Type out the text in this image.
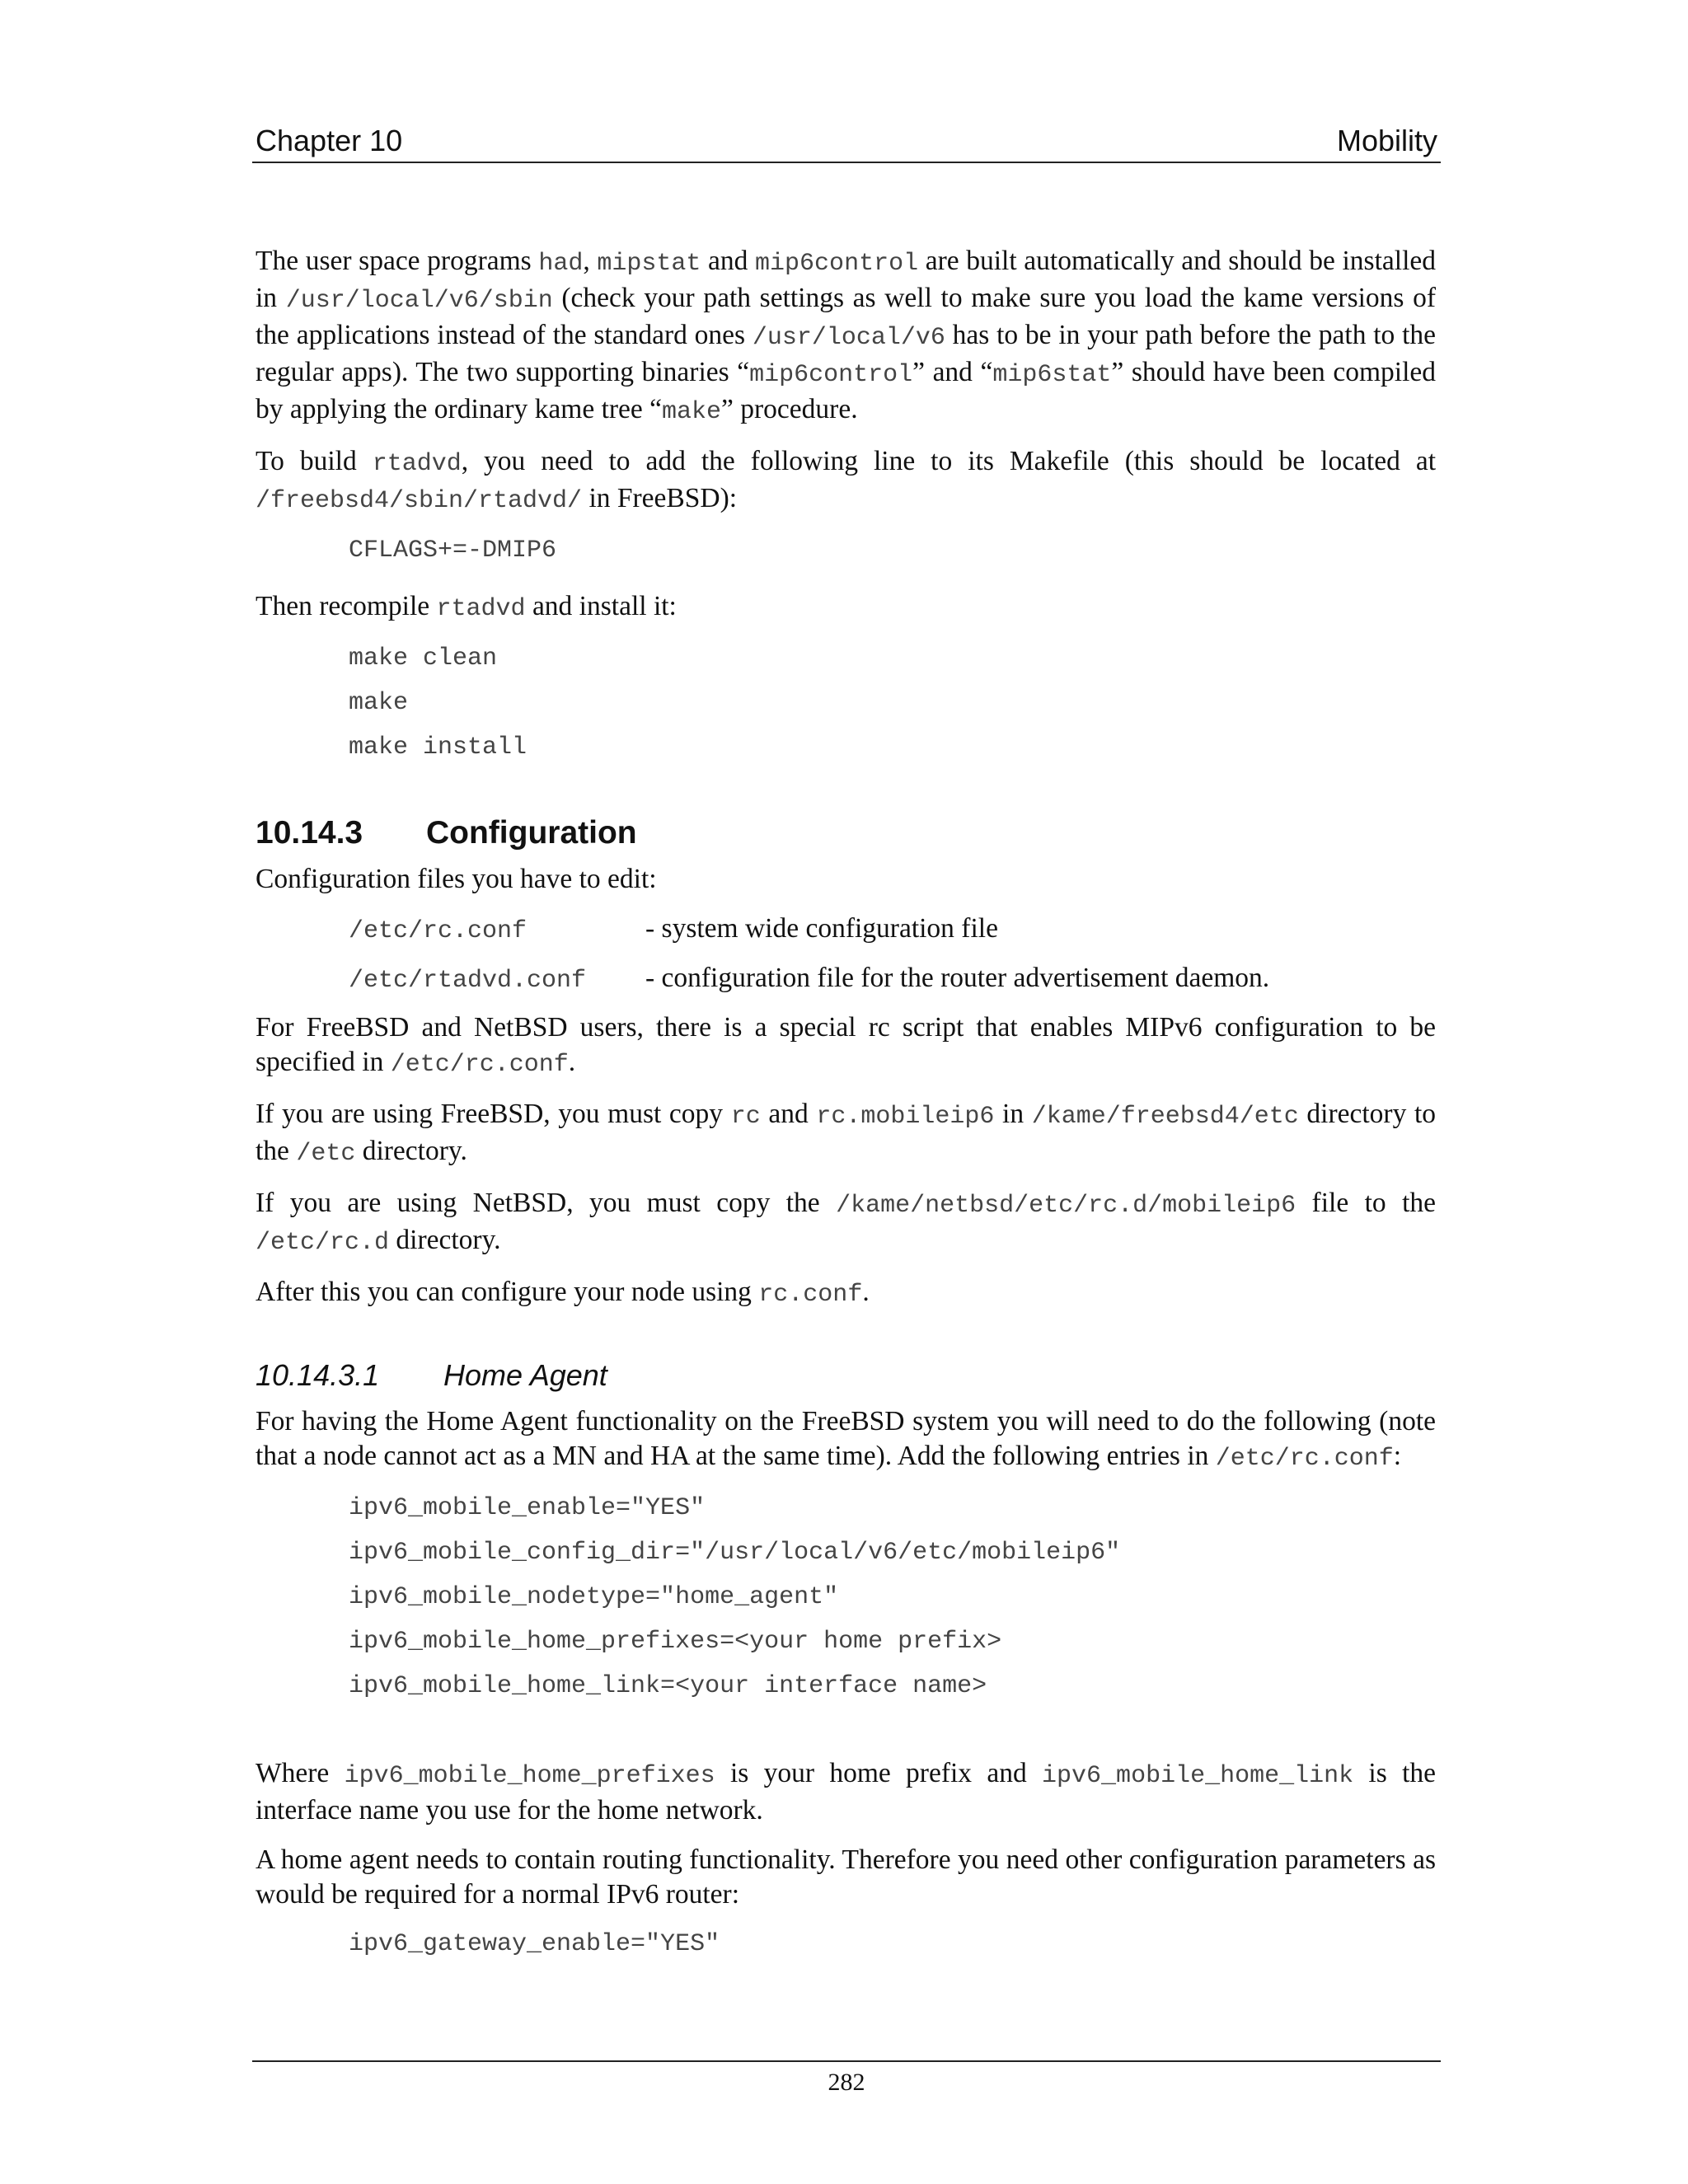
Chapter 10	Mobility

The user space programs had, mipstat and mip6control are built automatically and should be installed in /usr/local/v6/sbin (check your path settings as well to make sure you load the kame versions of the applications instead of the standard ones /usr/local/v6 has to be in your path before the path to the regular apps). The two supporting binaries “mip6control” and “mip6stat” should have been compiled by applying the ordinary kame tree “make” procedure.

To build rtadvd, you need to add the following line to its Makefile (this should be located at /freebsd4/sbin/rtadvd/ in FreeBSD):

CFLAGS+=-DMIP6

Then recompile rtadvd and install it:

make clean
make
make install
10.14.3 Configuration

Configuration files you have to edit:

/etc/rc.conf	- system wide configuration file
/etc/rtadvd.conf - configuration file for the router advertisement daemon.

For FreeBSD and NetBSD users, there is a special rc script that enables MIPv6 configuration to be specified in /etc/rc.conf.

If you are using FreeBSD, you must copy rc and rc.mobileip6 in /kame/freebsd4/etc directory to the /etc directory.

If you are using NetBSD, you must copy the /kame/netbsd/etc/rc.d/mobileip6 file to the /etc/rc.d directory.

After this you can configure your node using rc.conf.

10.14.3.1 Home Agent

For having the Home Agent functionality on the FreeBSD system you will need to do the following (note that a node cannot act as a MN and HA at the same time). Add the following entries in /etc/rc.conf:

ipv6_mobile_enable="YES"
ipv6_mobile_config_dir="/usr/local/v6/etc/mobileip6"
ipv6_mobile_nodetype="home_agent"
ipv6_mobile_home_prefixes=<your home prefix>
ipv6_mobile_home_link=<your interface name>

Where ipv6_mobile_home_prefixes is your home prefix and ipv6_mobile_home_link is the interface name you use for the home network.

A home agent needs to contain routing functionality. Therefore you need other configuration parameters as would be required for a normal IPv6 router:

ipv6_gateway_enable="YES"
282
